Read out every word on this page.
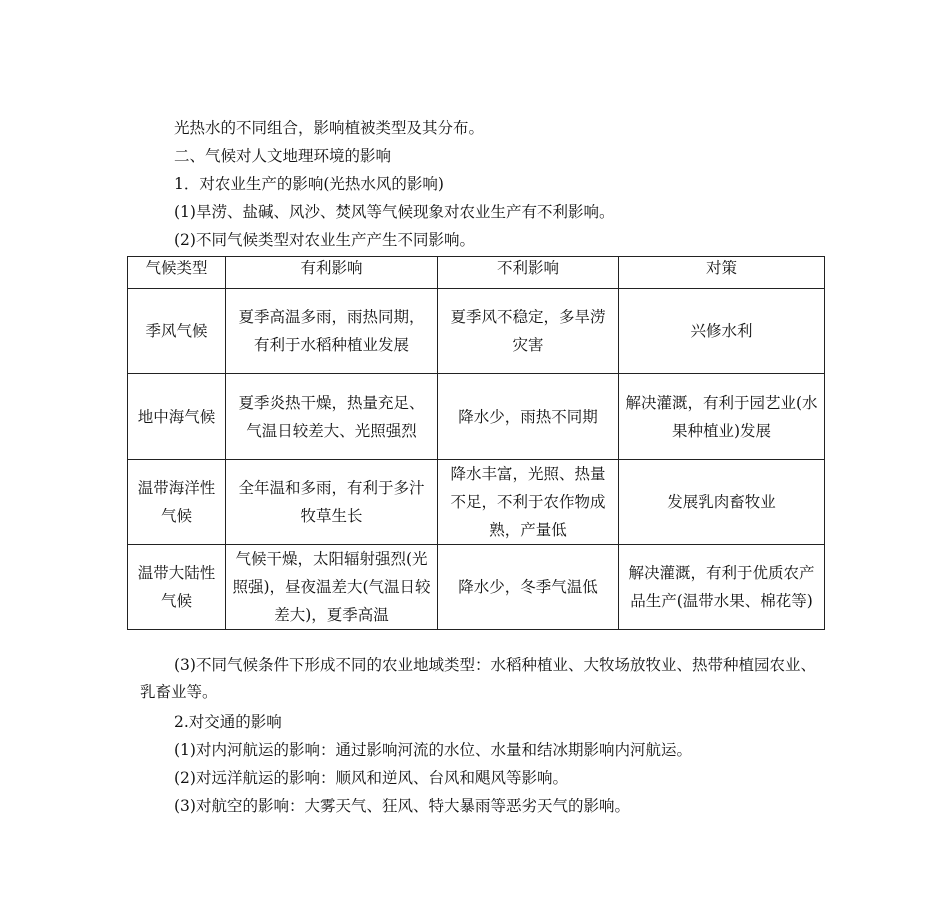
光热水的不同组合，影响植被类型及其分布。
二、气候对人文地理环境的影响
1．对农业生产的影响(光热水风的影响)
(1)旱涝、盐碱、风沙、焚风等气候现象对农业生产有不利影响。
(2)不同气候类型对农业生产产生不同影响。
气候类型	有利影响	不利影响	对策
季风气候	夏季高温多雨，雨热同期，有利于水稻种植业发展	夏季风不稳定，多旱涝灾害	兴修水利
地中海气候	夏季炎热干燥，热量充足、气温日较差大、光照强烈	降水少，雨热不同期	解决灌溉，有利于园艺业(水果种植业)发展
温带海洋性气候	全年温和多雨，有利于多汁牧草生长	降水丰富，光照、热量不足，不利于农作物成熟，产量低	发展乳肉畜牧业
温带大陆性气候	气候干燥，太阳辐射强烈(光照强)，昼夜温差大(气温日较差大)，夏季高温	降水少，冬季气温低	解决灌溉，有利于优质农产品生产(温带水果、棉花等)
(3)不同气候条件下形成不同的农业地域类型：水稻种植业、大牧场放牧业、热带种植园农业、乳畜业等。
2.对交通的影响
(1)对内河航运的影响：通过影响河流的水位、水量和结冰期影响内河航运。
(2)对远洋航运的影响：顺风和逆风、台风和飓风等影响。
(3)对航空的影响：大雾天气、狂风、特大暴雨等恶劣天气的影响。
